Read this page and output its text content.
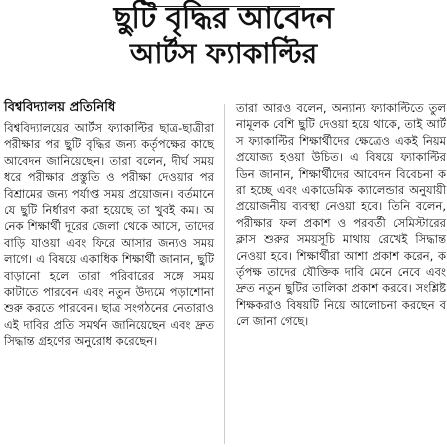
ছুটি বৃদ্ধির আবেদন
আর্টস ফ্যাকাল্টির
বিশ্ববিদ্যালয় প্রতিনিধি

বিশ্ববিদ্যালয়ের আর্টস ফ্যাকাল্টির ছাত্র-ছাত্রীরা পরীক্ষার পর ছুটি বৃদ্ধির জন্য কর্তৃপক্ষের কাছে আবেদন জানিয়েছেন। তারা বলেন, দীর্ঘ সময় ধরে পরীক্ষার প্রস্তুতি ও পরীক্ষা দেওয়ার পর বিশ্রামের জন্য পর্যাপ্ত সময় প্রয়োজন। বর্তমানে যে ছুটি নির্ধারণ করা হয়েছে তা খুবই কম। অনেক শিক্ষার্থী দূরের জেলা থেকে আসে, তাদের বাড়ি যাওয়া এবং ফিরে আসার জন্যও সময় লাগে। এ বিষয়ে একাধিক শিক্ষার্থী জানান, ছুটি বাড়ানো হলে তারা পরিবারের সঙ্গে সময় কাটাতে পারবেন এবং নতুন উদ্যমে পড়াশোনা শুরু করতে পারবেন। ছাত্র সংগঠনের নেতারাও এই দাবির প্রতি সমর্থন জানিয়েছেন এবং দ্রুত সিদ্ধান্ত গ্রহণের অনুরোধ করেছেন।

তারা আরও বলেন, অন্যান্য ফ্যাকাল্টিতে তুলনামূলক বেশি ছুটি দেওয়া হয়ে থাকে, তাই আর্টস ফ্যাকাল্টির শিক্ষার্থীদের ক্ষেত্রেও একই নিয়ম প্রযোজ্য হওয়া উচিত। এ বিষয়ে ফ্যাকাল্টির ডিন জানান, শিক্ষার্থীদের আবেদন বিবেচনা করা হচ্ছে এবং একাডেমিক ক্যালেন্ডার অনুযায়ী প্রয়োজনীয় ব্যবস্থা নেওয়া হবে। তিনি বলেন, পরীক্ষার ফল প্রকাশ ও পরবর্তী সেমিস্টারের ক্লাস শুরুর সময়সূচি মাথায় রেখেই সিদ্ধান্ত নেওয়া হবে। শিক্ষার্থীরা আশা প্রকাশ করেন, কর্তৃপক্ষ তাদের যৌক্তিক দাবি মেনে নেবে এবং দ্রুত নতুন ছুটির তালিকা প্রকাশ করবে। সংশ্লিষ্ট শিক্ষকরাও বিষয়টি নিয়ে আলোচনা করছেন বলে জানা গেছে।
